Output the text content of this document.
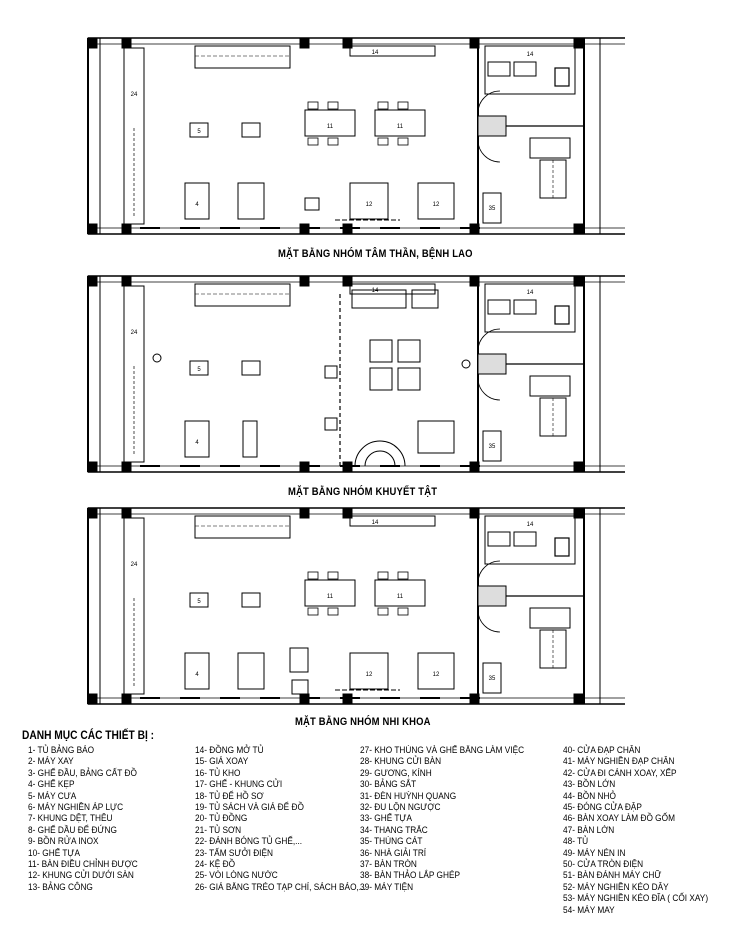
24
14	14
35
5
4
11	11
12	12
24
14	14
35
5
4
24
14	14
35
5
4
11	11
12	12
MẶT BẰNG NHÓM TÂM THẦN, BỆNH LAO
MẶT BẰNG NHÓM KHUYẾT TẬT
MẶT BẰNG NHÓM NHI KHOA
DANH MỤC CÁC THIẾT BỊ :
1- TỦ BẢNG BÁO
2- MÁY XAY
3- GHẾ ĐẦU, BẢNG CẤT ĐỒ
4- GHẾ KẸP
5- MÁY CƯA
6- MÁY NGHIỀN ÁP LỰC
7- KHUNG DỆT, THÊU
8- GHẾ DẦU ĐỂ ĐỨNG
9- BỒN RỬA INOX
10- GHẾ TỰA
11- BÀN ĐIỀU CHỈNH ĐƯỢC
12- KHUNG CỬI DƯỚI SÀN
13- BẢNG CÔNG
14- ĐỒNG MỞ TỦ
15- GIÁ XOAY
16- TỦ KHO
17- GHẾ - KHUNG CỬI
18- TỦ ĐỂ HỒ SƠ
19- TỦ SÁCH VÀ GIÁ ĐỂ ĐỒ
20- TỦ ĐỒNG
21- TỦ SƠN
22- ĐÁNH BÓNG TỦ GHẾ,...
23- TẤM SƯỞI ĐIỆN
24- KỆ ĐỒ
25- VÒI LÒNG NƯỚC
26- GIÁ BẰNG TRÉO TẠP CHÍ, SÁCH BÁO,...
27- KHO THÙNG VÀ GHẾ BẰNG LÀM VIỆC
28- KHUNG CỬI BÀN
29- GƯƠNG, KÍNH
30- BẢNG SẮT
31- ĐÈN HUỲNH QUANG
32- ĐU LỘN NGƯỢC
33- GHẾ TỰA
34- THANG TRẮC
35- THÙNG CÁT
36- NHÀ GIẢI TRÍ
37- BÀN TRÒN
38- BÀN THẢO LẮP GHÉP
39- MÁY TIỆN
40- CỬA ĐẠP CHÂN
41- MÁY NGHIỀN ĐẠP CHÂN
42- CỬA ĐI CÁNH XOAY, XẾP
43- BỒN LỚN
44- BỒN NHỎ
45- ĐÓNG CỬA ĐẬP
46- BÀN XOAY LÀM ĐỒ GỐM
47- BÀN LỚN
48- TỦ
49- MÁY NÉN IN
50- CỬA TRÒN ĐIỆN
51- BÀN ĐÁNH MÁY CHỮ
52- MÁY NGHIỀN KÉO DÂY
53- MÁY NGHIỀN KÉO ĐĨA ( CỐI XAY)
54- MÁY MAY
